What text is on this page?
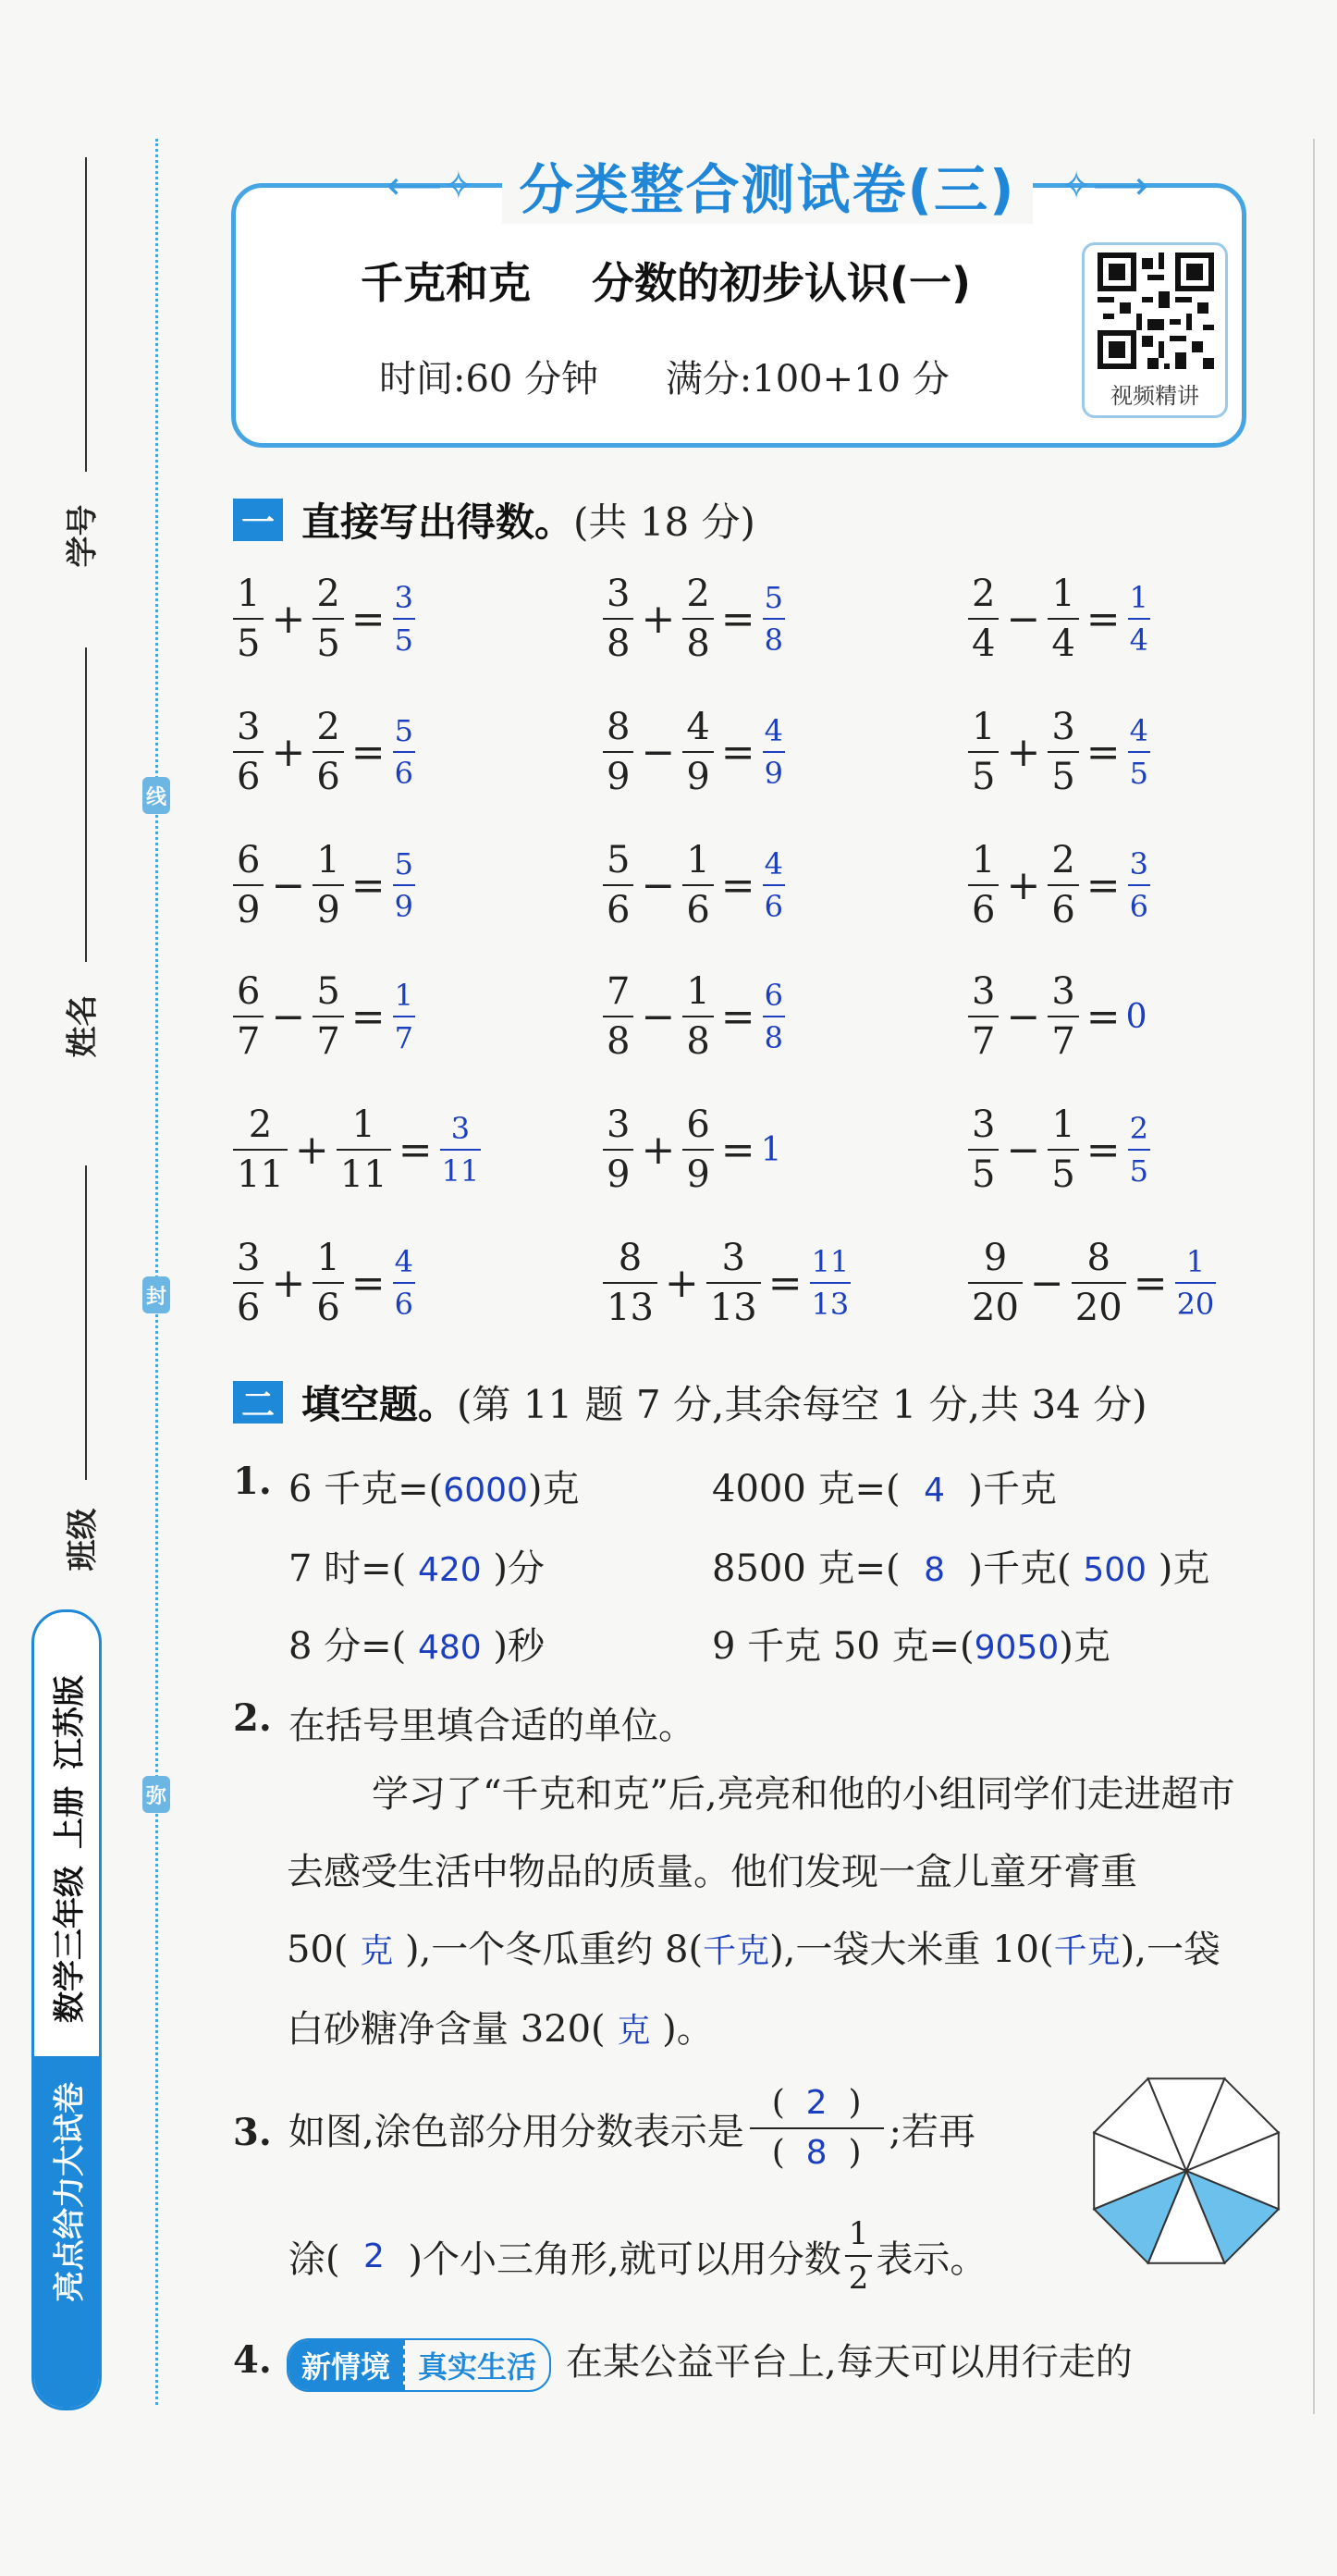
学号
姓名
班级
线
封
弥
亮点给力大试卷
数学三年级
上册
江苏版
⟵✧ 分类整合测试卷(三)	✧⟶
千克和克 分数的初步认识(一)
时间:60 分钟 满分:100+10 分	视频精讲
一 直接写出得数。 (共 18 分)
$\frac{1}{5} + \frac{2}{5} = \frac{3}{5}$	$\frac{3}{8} + \frac{2}{8} = \frac{5}{8}$	$\frac{2}{4} - \frac{1}{4} = \frac{1}{4}$
$\frac{3}{6} + \frac{2}{6} = \frac{5}{6}$	$\frac{8}{9} - \frac{4}{9} = \frac{4}{9}$	$\frac{1}{5} + \frac{3}{5} = \frac{4}{5}$
$\frac{6}{9} - \frac{1}{9} = \frac{5}{9}$	$\frac{5}{6} - \frac{1}{6} = \frac{4}{6}$	$\frac{1}{6} + \frac{2}{6} = \frac{3}{6}$
$\frac{6}{7} - \frac{5}{7} = \frac{1}{7}$	$\frac{7}{8} - \frac{1}{8} = \frac{6}{8}$	$\frac{3}{7} - \frac{3}{7} = 0$
$\frac{2}{11} + \frac{1}{11} = \frac{3}{11}$	$\frac{3}{9} + \frac{6}{9} = 1$	$\frac{3}{5} - \frac{1}{5} = \frac{2}{5}$
$\frac{3}{6} + \frac{1}{6} = \frac{4}{6}$	$\frac{8}{13} + \frac{3}{13} = \frac{11}{13}$	$\frac{9}{20} - \frac{8}{20} = \frac{1}{20}$
二 填空题。 (第 11 题 7 分,其余每空 1 分,共 34 分)
1. 6 千克=(6000)克	4000 克=(  4  )千克
7 时=( 420 )分	8500 克=(  8  )千克( 500 )克
8 分=( 480 )秒	9 千克 50 克=(9050)克
2. 在括号里填合适的单位。
学习了“千克和克”后,亮亮和他的小组同学们走进超市去感受生活中物品的质量。他们发现一盒儿童牙膏重 50( 克 ),一个冬瓜重约 8(千克),一袋大米重 10(千克),一袋白砂糖净含量 320( 克 )。
3. 如图,涂色部分用分数表示是 $\frac{( 2 )}{( 8 )}$ ;若再
涂(
2
)个小三角形,就可以用分数 $\frac{1}{2}$ 表示。
4.	新情境 真实生活 在某公益平台上,每天可以用行走的
